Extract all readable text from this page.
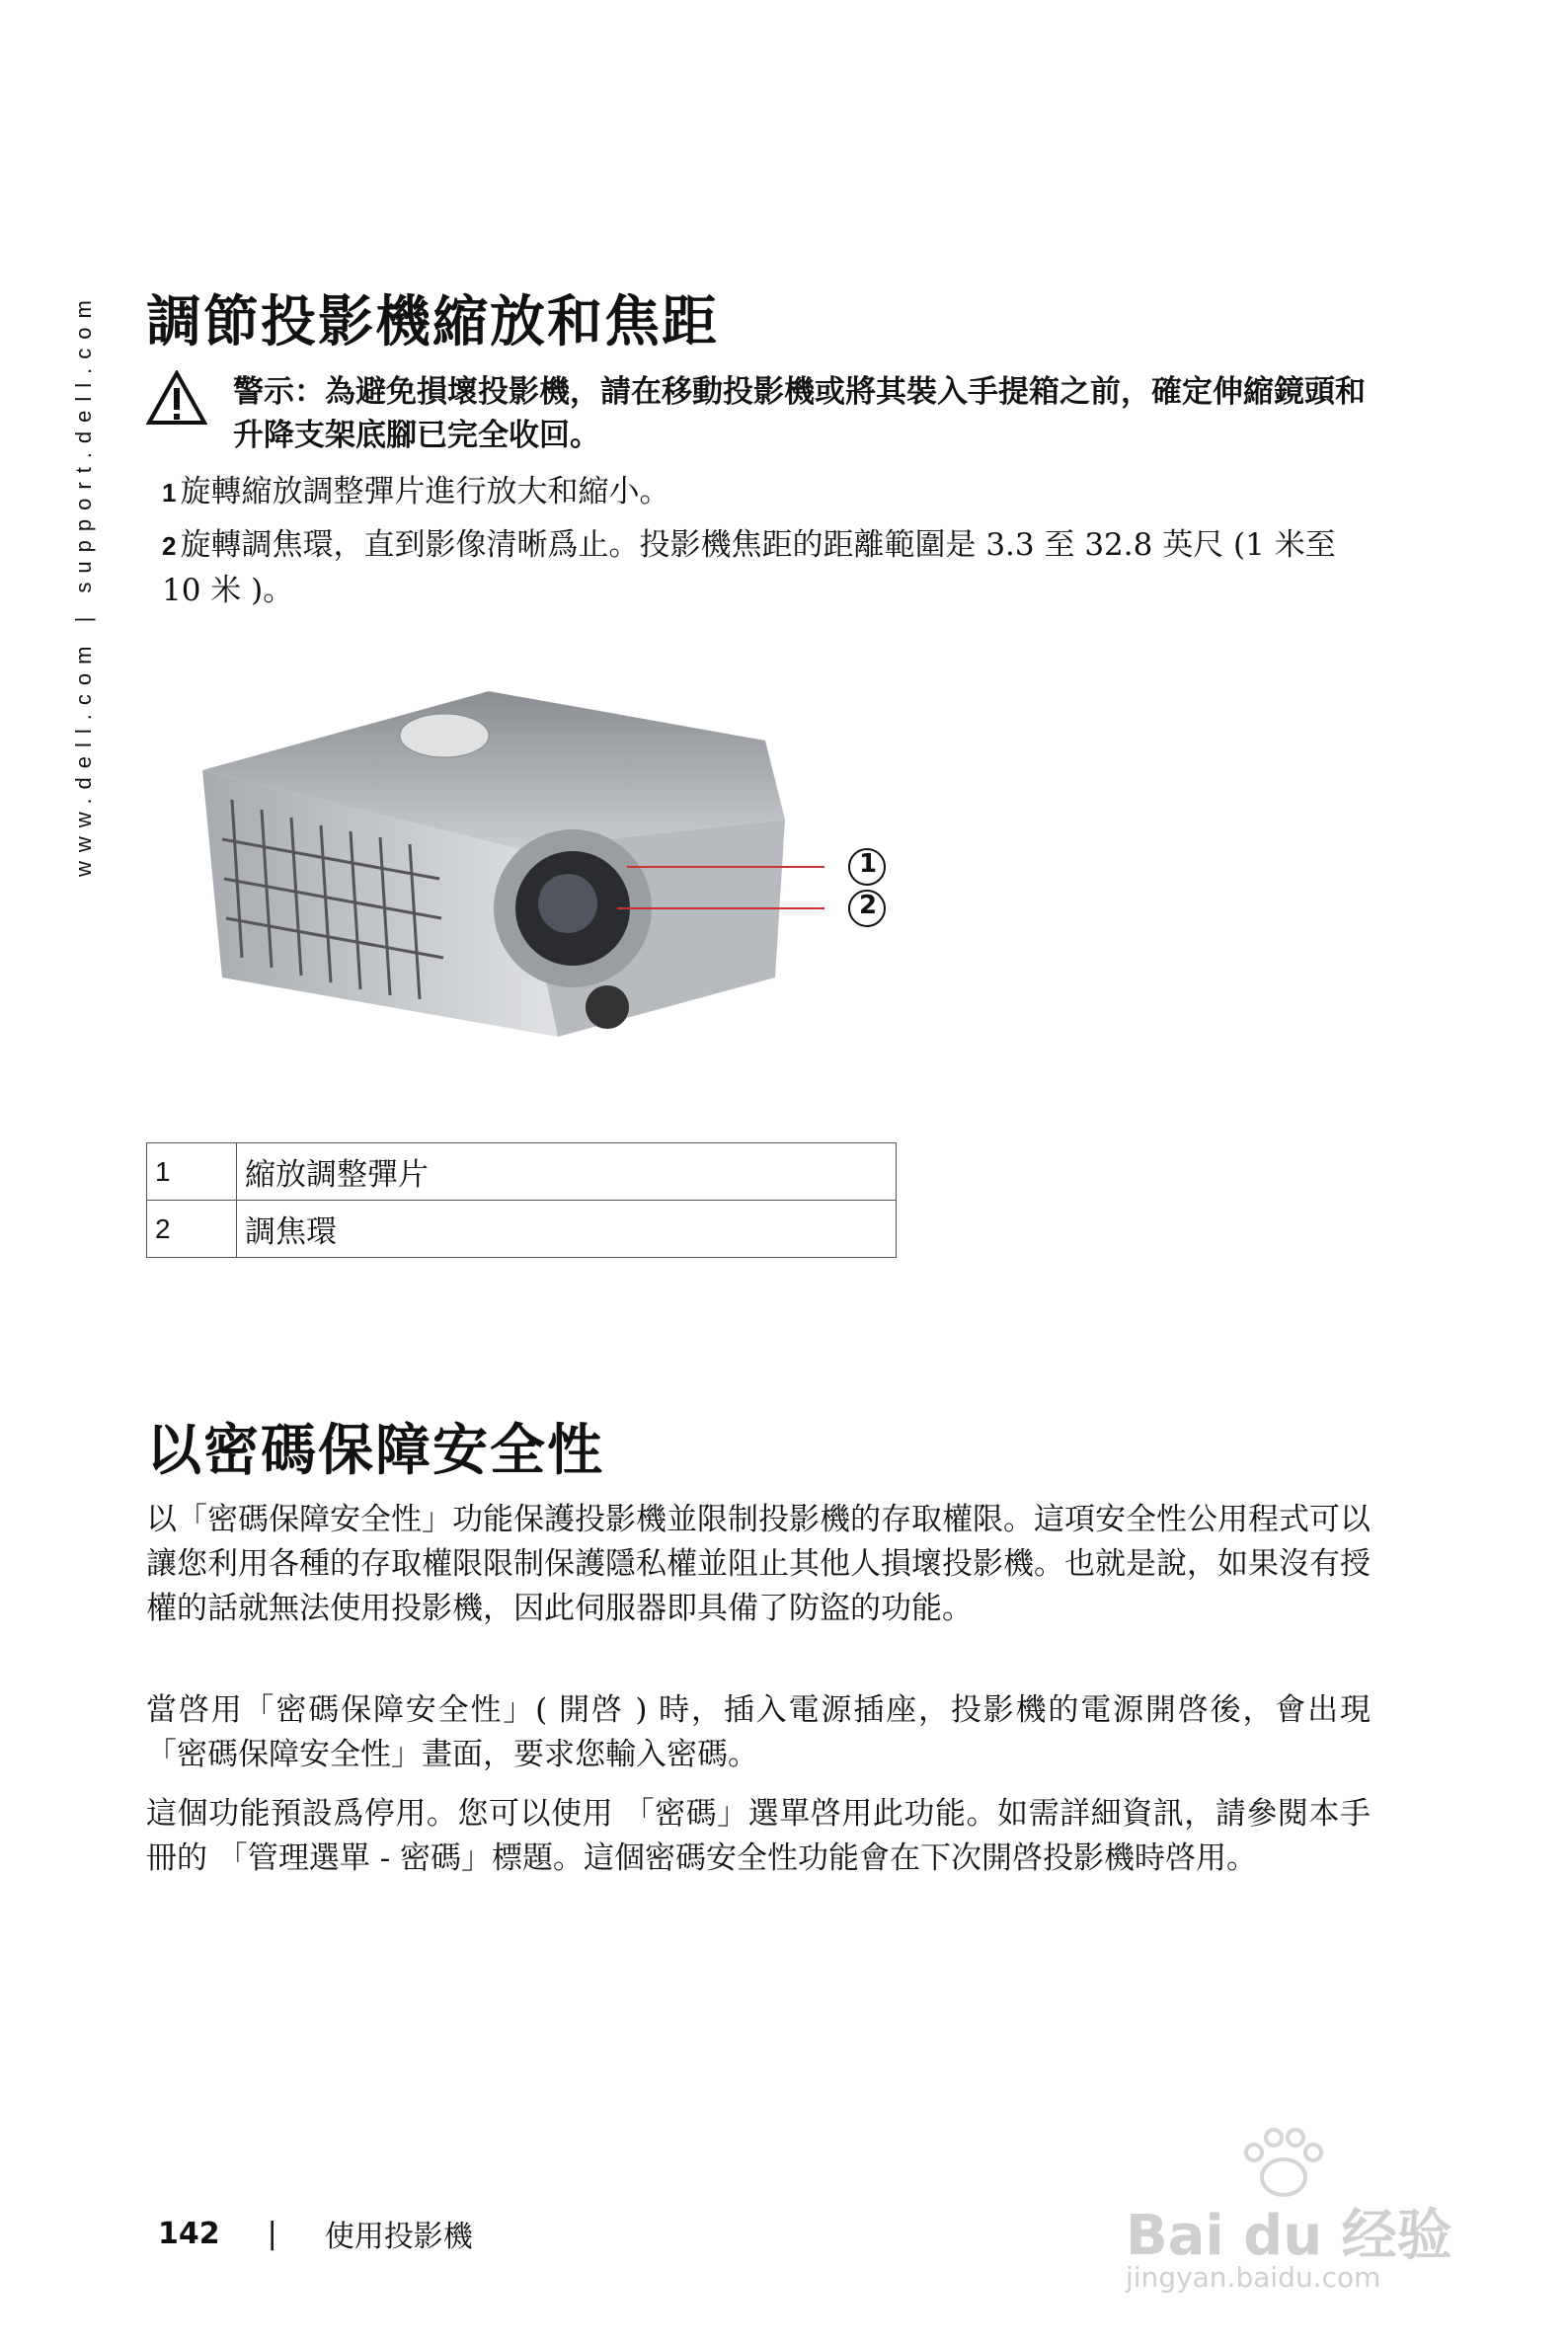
www.dell.com | support.dell.com 調節投影機縮放和焦距
警示：為避免損壞投影機，請在移動投影機或將其裝入手提箱之前，確定伸縮鏡頭和升降支架底腳已完全收回。
1 旋轉縮放調整彈片進行放大和縮小。
2 旋轉調焦環，直到影像清晰爲止。投影機焦距的距離範圍是 3.3 至 32.8 英尺 (1 米至 10 米 )。
1
2
1	縮放調整彈片
2	調焦環
以密碼保障安全性

以「密碼保障安全性」功能保護投影機並限制投影機的存取權限。這項安全性公用程式可以讓您利用各種的存取權限限制保護隱私權並阻止其他人損壞投影機。也就是說，如果沒有授權的話就無法使用投影機，因此伺服器即具備了防盜的功能。

當啓用「密碼保障安全性」( 開啓 ) 時，插入電源插座，投影機的電源開啓後，會出現 「密碼保障安全性」畫面，要求您輸入密碼。

這個功能預設爲停用。您可以使用 「密碼」選單啓用此功能。如需詳細資訊，請參閱本手冊的 「管理選單 - 密碼」標題。這個密碼安全性功能會在下次開啓投影機時啓用。

142 | 使用投影機	Bai du 经验
jingyan.baidu.com
